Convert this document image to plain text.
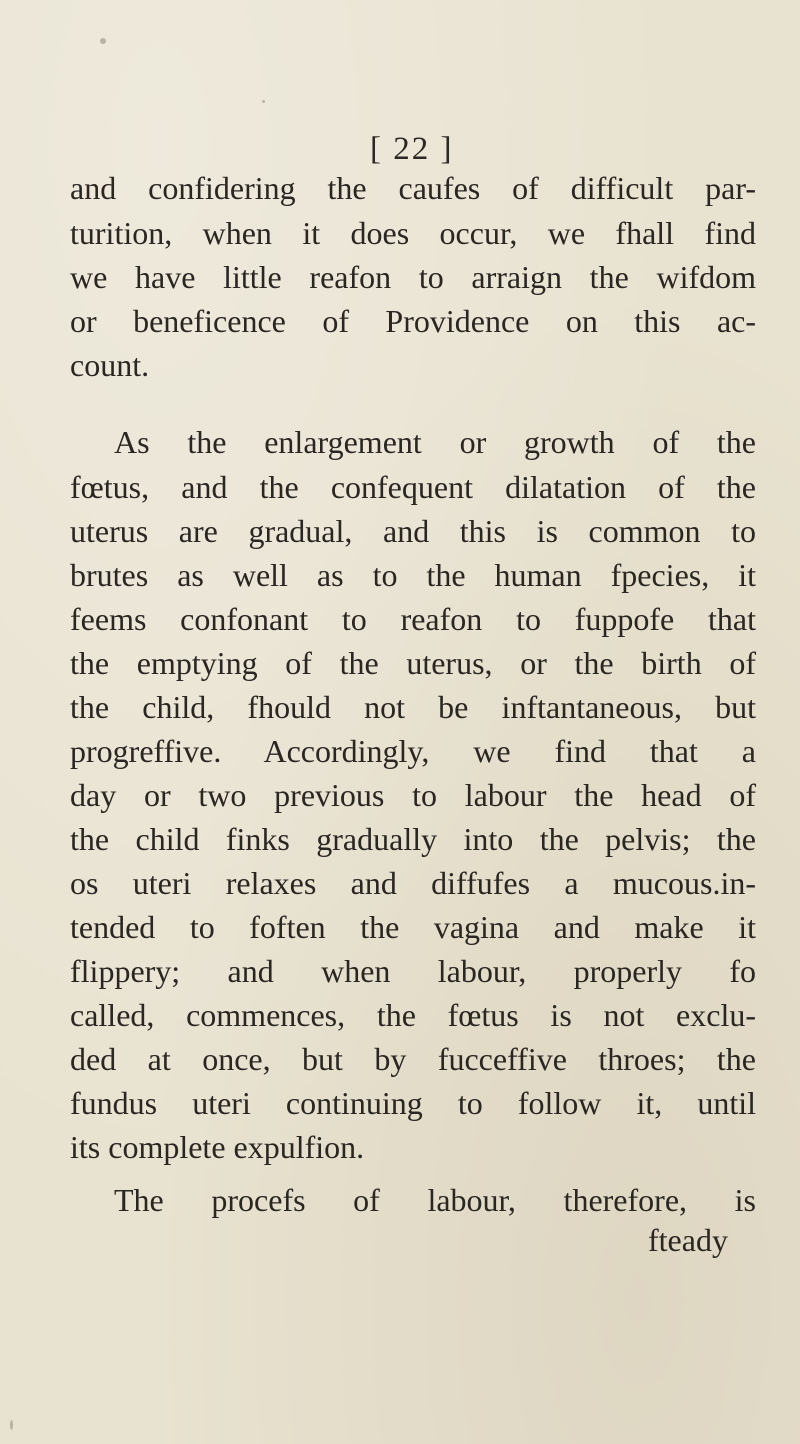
[ 22 ]
and confidering the caufes of difficult par-
turition, when it does occur, we fhall find
we have little reafon to arraign the wifdom
or beneficence of Providence on this ac-
count.
As the enlargement or growth of the
fœtus, and the confequent dilatation of the
uterus are gradual, and this is common to
brutes as well as to the human fpecies, it
feems confonant to reafon to fuppofe that
the emptying of the uterus, or the birth of
the child, fhould not be inftantaneous, but
progreffive. Accordingly, we find that a
day or two previous to labour the head of
the child finks gradually into the pelvis; the
os uteri relaxes and diffufes a mucous.in-
tended to foften the vagina and make it
flippery; and when labour, properly fo
called, commences, the fœtus is not exclu-
ded at once, but by fucceffive throes; the
fundus uteri continuing to follow it, until
its complete expulfion.
The procefs of labour, therefore, is
fteady
